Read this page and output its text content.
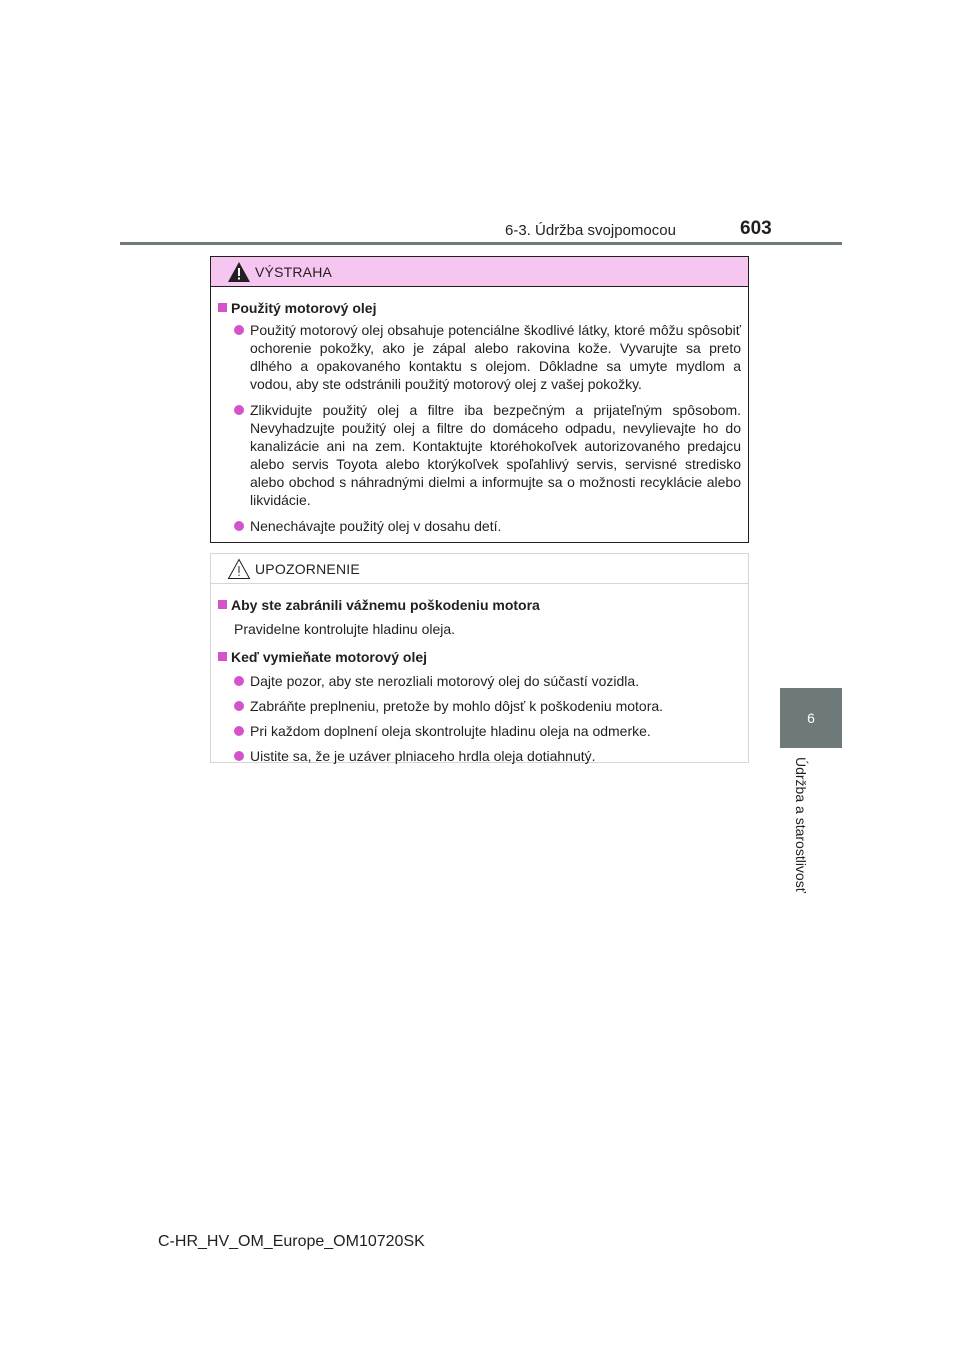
6-3. Údržba svojpomocou	603
6
Údržba a starostlivosť
VÝSTRAHA
Použitý motorový olej
Použitý motorový olej obsahuje potenciálne škodlivé látky, ktoré môžu spôsobiť ochorenie pokožky, ako je zápal alebo rakovina kože. Vyvarujte sa preto dlhého a opakovaného kontaktu s olejom. Dôkladne sa umyte mydlom a vodou, aby ste odstránili použitý motorový olej z vašej pokožky.
Zlikvidujte použitý olej a filtre iba bezpečným a prijateľným spôsobom. Nevyhadzujte použitý olej a filtre do domáceho odpadu, nevylievajte ho do kanalizácie ani na zem. Kontaktujte ktoréhokoľvek autorizovaného predajcu alebo servis Toyota alebo ktorýkoľvek spoľahlivý servis, servisné stredisko alebo obchod s náhradnými dielmi a informujte sa o možnosti recyklácie alebo likvidácie.
Nenechávajte použitý olej v dosahu detí.
UPOZORNENIE
Aby ste zabránili vážnemu poškodeniu motora
Pravidelne kontrolujte hladinu oleja.
Keď vymieňate motorový olej
Dajte pozor, aby ste nerozliali motorový olej do súčastí vozidla.
Zabráňte preplneniu, pretože by mohlo dôjsť k poškodeniu motora.
Pri každom doplnení oleja skontrolujte hladinu oleja na odmerke.
Uistite sa, že je uzáver plniaceho hrdla oleja dotiahnutý.
C-HR_HV_OM_Europe_OM10720SK
